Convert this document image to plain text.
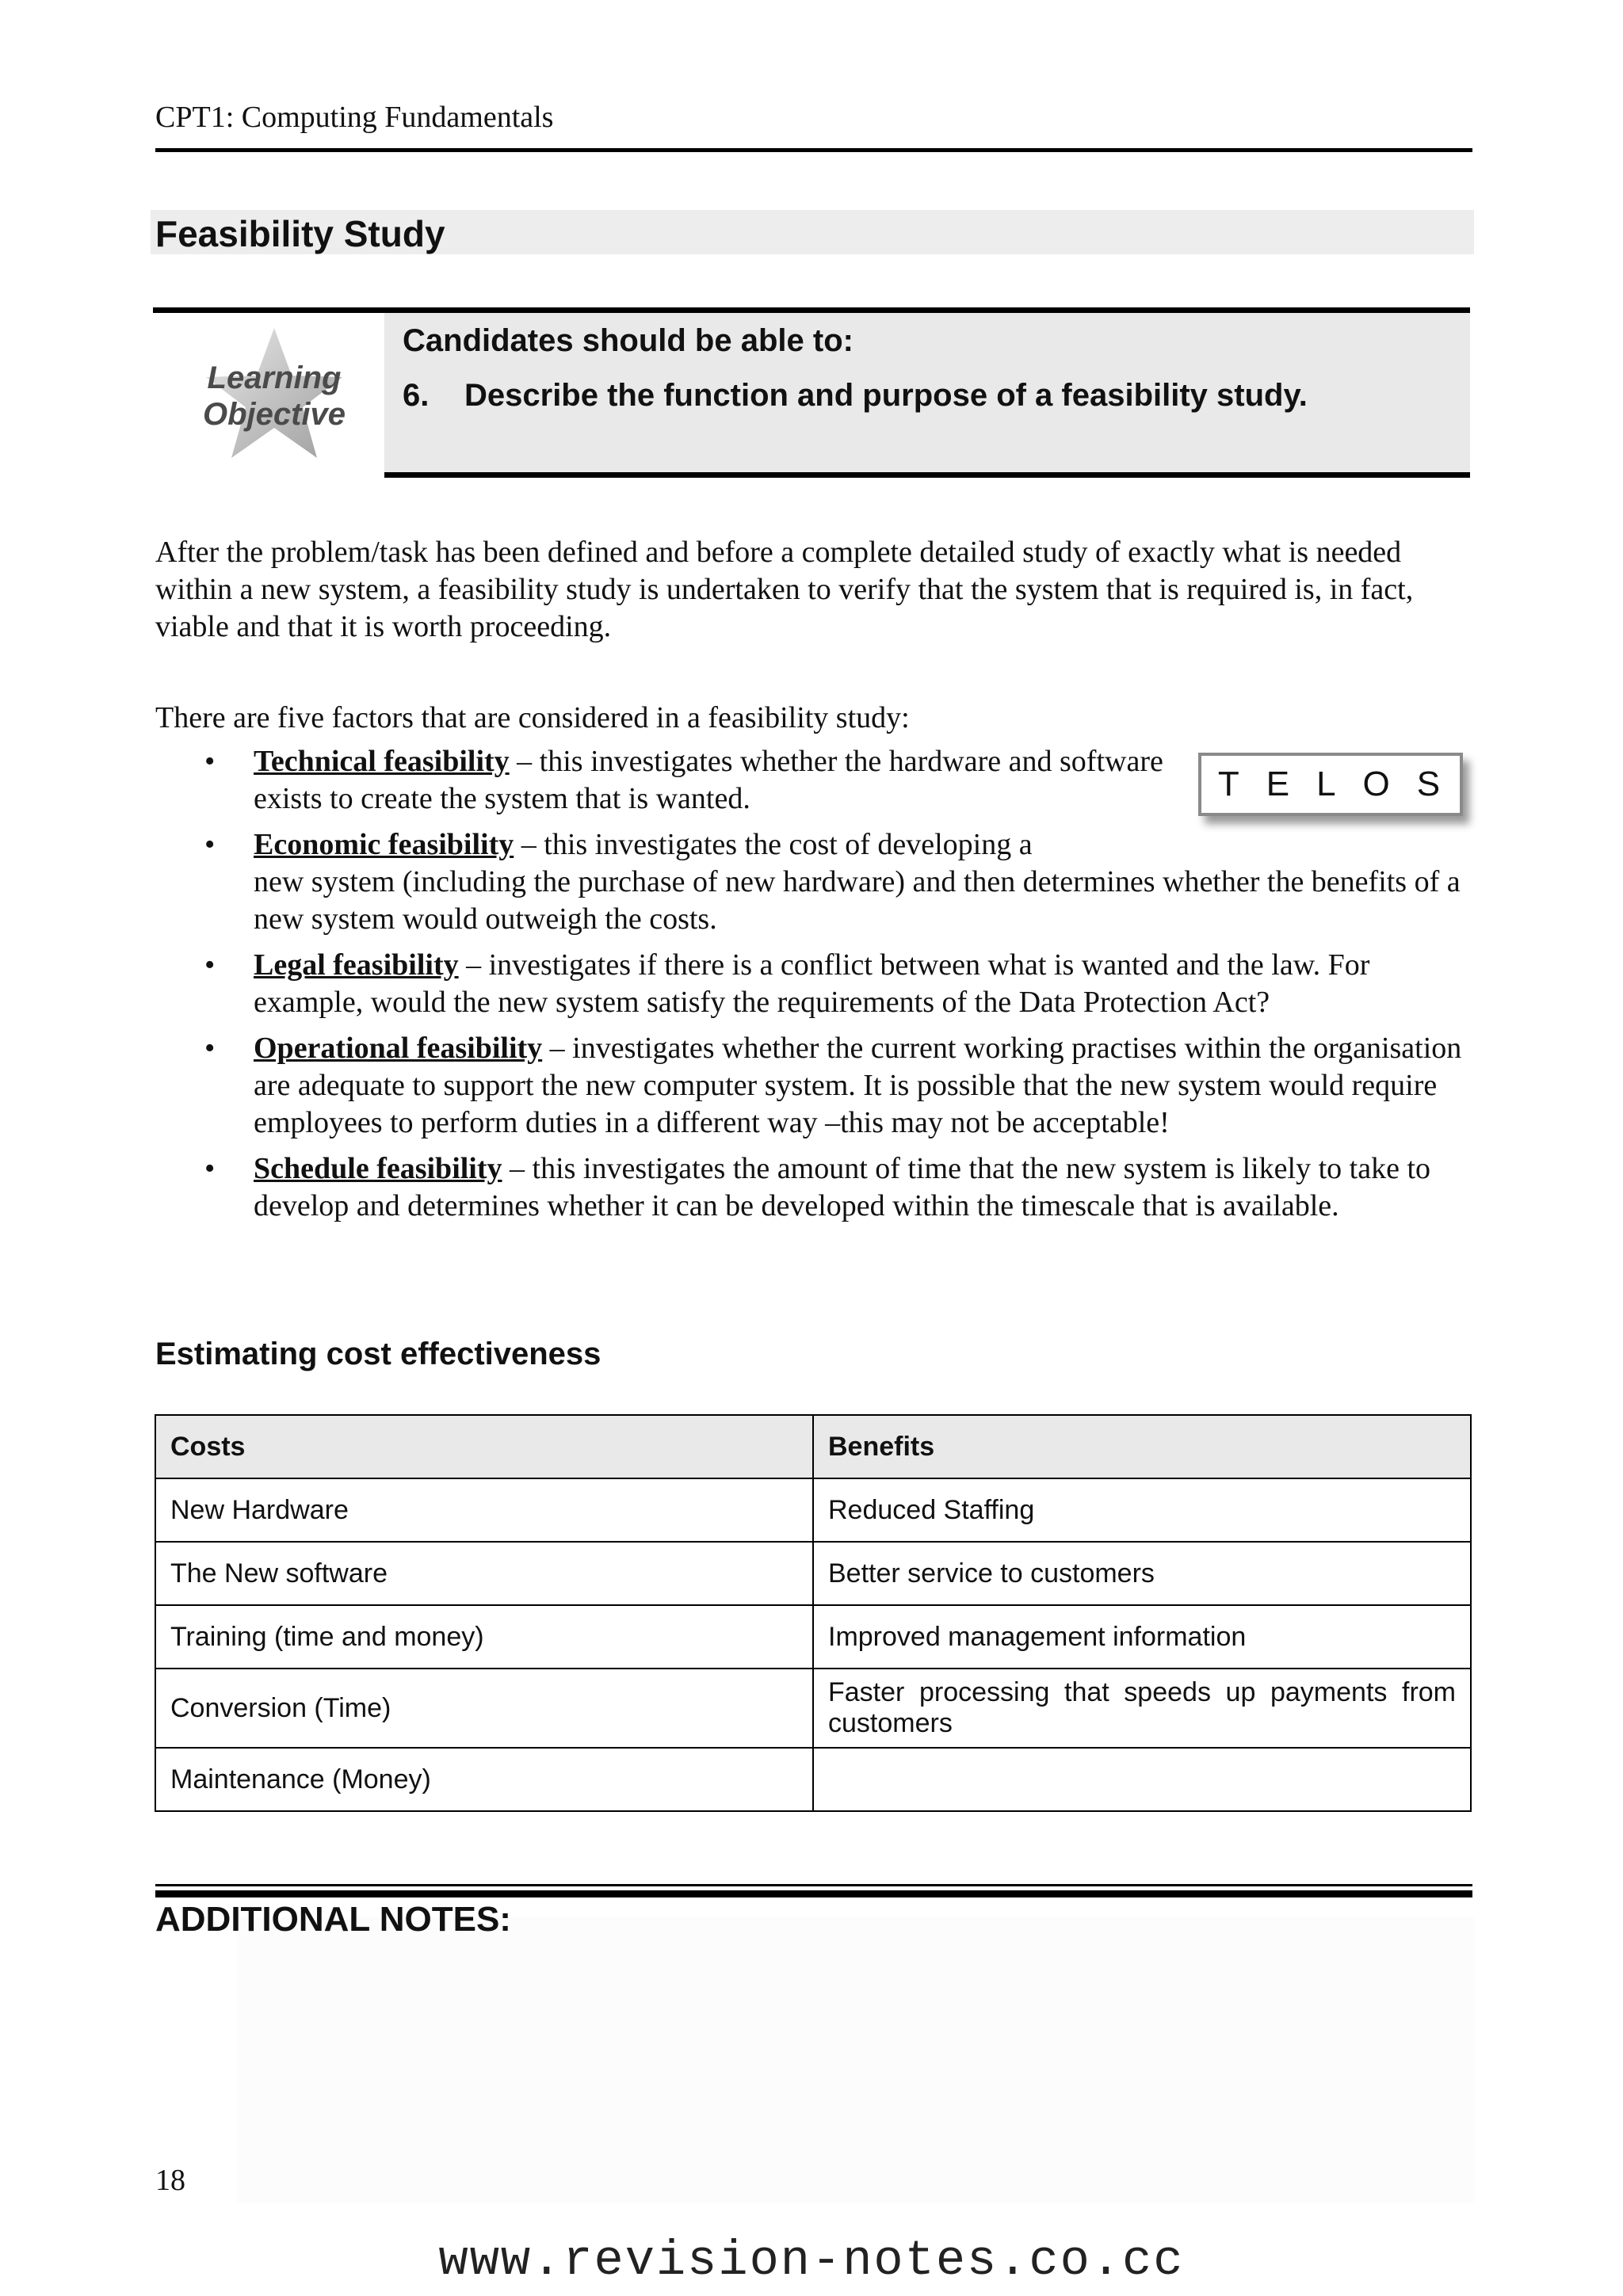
CPT1: Computing Fundamentals
Feasibility Study
Learning
Objective
Candidates should be able to:
6. Describe the function and purpose of a feasibility study.
After the problem/task has been defined and before a complete detailed study of exactly what is needed within a new system, a feasibility study is undertaken to verify that the system that is required is, in fact, viable and that it is worth proceeding.
There are five factors that are considered in a feasibility study:
TELOS
• Technical feasibility – this investigates whether the hardware and software exists to create the system that is wanted.
• Economic feasibility – this investigates the cost of developing a
new system (including the purchase of new hardware) and then determines whether the benefits of a new system would outweigh the costs.
• Legal feasibility – investigates if there is a conflict between what is wanted and the law. For example, would the new system satisfy the requirements of the Data Protection Act?
• Operational feasibility – investigates whether the current working practises within the organisation are adequate to support the new computer system. It is possible that the new system would require employees to perform duties in a different way –this may not be acceptable!
• Schedule feasibility – this investigates the amount of time that the new system is likely to take to develop and determines whether it can be developed within the timescale that is available.
Estimating cost effectiveness
Costs	Benefits
New Hardware	Reduced Staffing
The New software	Better service to customers
Training (time and money)	Improved management information
Conversion (Time)	Faster processing that speeds up payments from customers
Maintenance (Money)	
ADDITIONAL NOTES:
18
www.revision-notes.co.cc
